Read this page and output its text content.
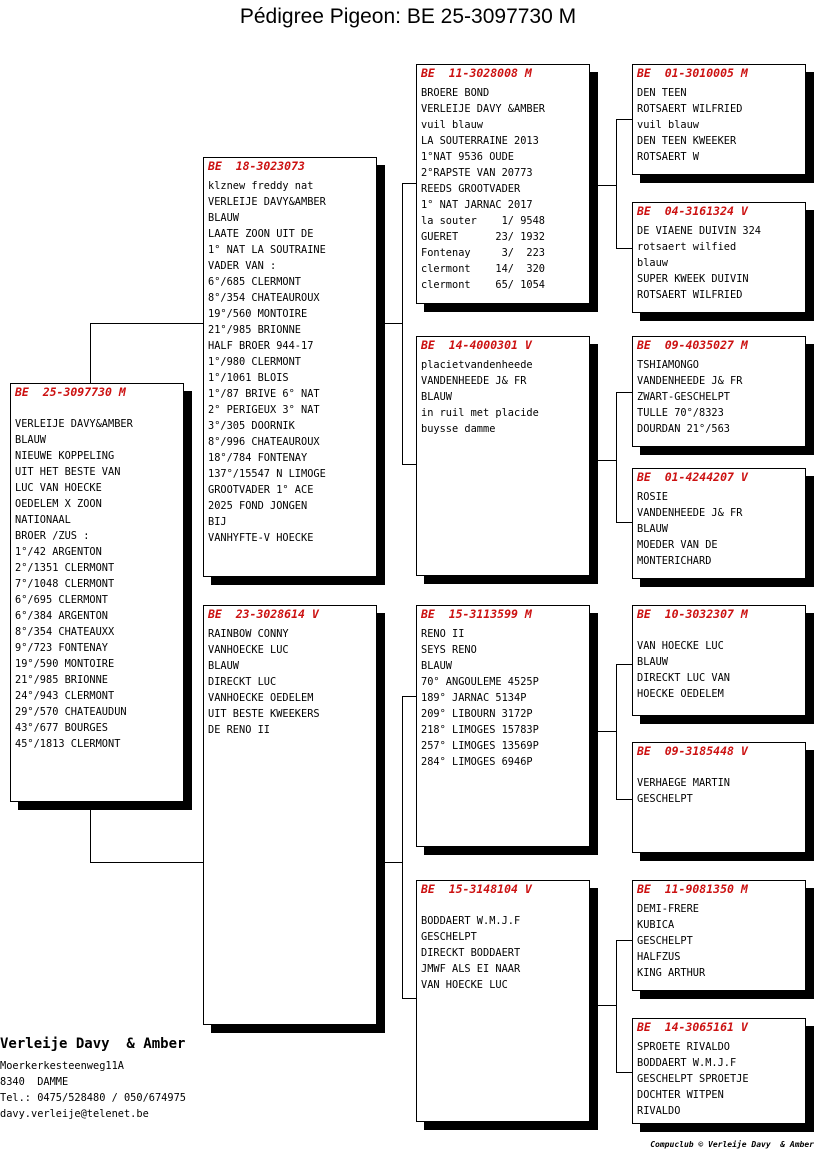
Pédigree Pigeon: BE 25-3097730 M
BE  25-3097730 M
VERLEIJE DAVY&AMBER
BLAUW
NIEUWE KOPPELING
UIT HET BESTE VAN
LUC VAN HOECKE
OEDELEM X ZOON
NATIONAAL
BROER /ZUS :
1°/42 ARGENTON
2°/1351 CLERMONT
7°/1048 CLERMONT
6°/695 CLERMONT
6°/384 ARGENTON
8°/354 CHATEAUXX
9°/723 FONTENAY
19°/590 MONTOIRE
21°/985 BRIONNE
24°/943 CLERMONT
29°/570 CHATEAUDUN
43°/677 BOURGES
45°/1813 CLERMONT
BE  18-3023073
klznew freddy nat
VERLEIJE DAVY&AMBER
BLAUW
LAATE ZOON UIT DE
1° NAT LA SOUTRAINE
VADER VAN :
6°/685 CLERMONT
8°/354 CHATEAUROUX
19°/560 MONTOIRE
21°/985 BRIONNE
HALF BROER 944-17
1°/980 CLERMONT
1°/1061 BLOIS
1°/87 BRIVE 6° NAT
2° PERIGEUX 3° NAT
3°/305 DOORNIK
8°/996 CHATEAUROUX
18°/784 FONTENAY
137°/15547 N LIMOGE
GROOTVADER 1° ACE
2025 FOND JONGEN
BIJ
VANHYFTE-V HOECKE
BE  23-3028614 V
RAINBOW CONNY
VANHOECKE LUC
BLAUW
DIRECKT LUC
VANHOECKE OEDELEM
UIT BESTE KWEEKERS
DE RENO II
BE  11-3028008 M
BROERE BOND
VERLEIJE DAVY &AMBER
vuil blauw
LA SOUTERRAINE 2013
1°NAT 9536 OUDE
2°RAPSTE VAN 20773
REEDS GROOTVADER
1° NAT JARNAC 2017
la souter    1/ 9548
GUERET      23/ 1932
Fontenay     3/  223
clermont    14/  320
clermont    65/ 1054
BE  14-4000301 V
placietvandenheede
VANDENHEEDE J& FR
BLAUW
in ruil met placide
buysse damme
BE  15-3113599 M
RENO II
SEYS RENO
BLAUW
70° ANGOULEME 4525P
189° JARNAC 5134P
209° LIBOURN 3172P
218° LIMOGES 15783P
257° LIMOGES 13569P
284° LIMOGES 6946P
BE  15-3148104 V
BODDAERT W.M.J.F
GESCHELPT
DIRECKT BODDAERT
JMWF ALS EI NAAR
VAN HOECKE LUC
BE  01-3010005 M
DEN TEEN
ROTSAERT WILFRIED
vuil blauw
DEN TEEN KWEEKER
ROTSAERT W
BE  04-3161324 V
DE VIAENE DUIVIN 324
rotsaert wilfied
blauw
SUPER KWEEK DUIVIN
ROTSAERT WILFRIED
BE  09-4035027 M
TSHIAMONGO
VANDENHEEDE J& FR
ZWART-GESCHELPT
TULLE 70°/8323
DOURDAN 21°/563
BE  01-4244207 V
ROSIE
VANDENHEEDE J& FR
BLAUW
MOEDER VAN DE
MONTERICHARD
BE  10-3032307 M
VAN HOECKE LUC
BLAUW
DIRECKT LUC VAN
HOECKE OEDELEM
BE  09-3185448 V
VERHAEGE MARTIN
GESCHELPT
BE  11-9081350 M
DEMI-FRERE
KUBICA
GESCHELPT
HALFZUS
KING ARTHUR
BE  14-3065161 V
SPROETE RIVALDO
BODDAERT W.M.J.F
GESCHELPT SPROETJE
DOCHTER WITPEN
RIVALDO
Verleije Davy  & Amber
Moerkerkesteenweg11A
8340  DAMME
Tel.: 0475/528480 / 050/674975
davy.verleije@telenet.be
Compuclub © Verleije Davy  & Amber
